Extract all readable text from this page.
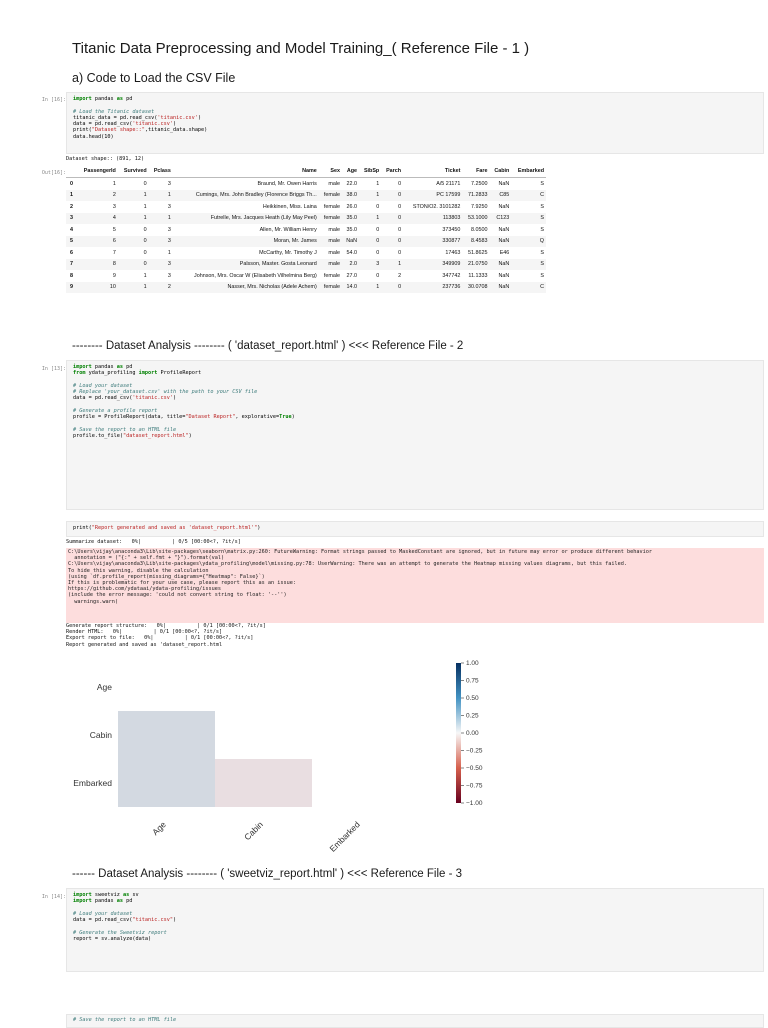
Titanic Data Preprocessing and Model Training_( Reference File - 1 )
a) Code to Load the CSV File
In [16]: import pandas as pd
# Load the Titanic dataset
titanic_data = pd.read_csv('titanic.csv')
data = pd.read_csv('titanic.csv')
print("Dataset shape::",titanic_data.shape)
data.head(10)
Dataset shape:: (891, 12)
Out[16]:
		PassengerId	Survived	Pclass	Name	Sex	Age	SibSp	Parch	Ticket	Fare	Cabin	Embarked
0	1	0	3	Braund, Mr. Owen Harris	male	22.0	1	0	A/5 21171	7.2500	NaN	S
1	2	1	1	Cumings, Mrs. John Bradley (Florence Briggs Th...	female	38.0	1	0	PC 17599	71.2833	C85	C
2	3	1	3	Heikkinen, Miss. Laina	female	26.0	0	0	STON/O2. 3101282	7.9250	NaN	S
3	4	1	1	Futrelle, Mrs. Jacques Heath (Lily May Peel)	female	35.0	1	0	113803	53.1000	C123	S
4	5	0	3	Allen, Mr. William Henry	male	35.0	0	0	373450	8.0500	NaN	S
5	6	0	3	Moran, Mr. James	male	NaN	0	0	330877	8.4583	NaN	Q
6	7	0	1	McCarthy, Mr. Timothy J	male	54.0	0	0	17463	51.8625	E46	S
7	8	0	3	Palsson, Master. Gosta Leonard	male	2.0	3	1	349909	21.0750	NaN	S
8	9	1	3	Johnson, Mrs. Oscar W (Elisabeth Vilhelmina Berg)	female	27.0	0	2	347742	11.1333	NaN	S
9	10	1	2	Nasser, Mrs. Nicholas (Adele Achem)	female	14.0	1	0	237736	30.0708	NaN	C
-------- Dataset Analysis -------- ( 'dataset_report.html' ) <<< Reference File - 2
In [13]: import pandas as pd
from ydata_profiling import ProfileReport
# Load your dataset
# Replace 'your_dataset.csv' with the path to your CSV file
data = pd.read_csv('titanic.csv')
# Generate a profile report
profile = ProfileReport(data, title="Dataset Report", explorative=True)
# Save the report to an HTML file
profile.to_file("dataset_report.html")
print("Report generated and saved as 'dataset_report.html'")
Summarize dataset:   0%|          | 0/5 [00:00<?, ?it/s]
C:\Users\vijay\anaconda3\Lib\site-packages\seaborn\matrix.py:260: FutureWarning: Format strings passed to MaskedConstant are ignored, but in future may error or produce different behavior
annotation = ("{:" + self.fmt + "}").format(val)
C:\Users\vijay\anaconda3\Lib\site-packages\ydata_profiling\model\missing.py:78: UserWarning: There was an attempt to generate the Heatmap missing values diagrams, but this failed.
To hide this warning, disable the calculation
(using `df.profile_report(missing_diagrams={"Heatmap": False}`)
If this is problematic for your use case, please report this as an issue:
https://github.com/ydataai/ydata-profiling/issues
(include the error message: 'could not convert string to float: '--'')
warnings.warn(
Generate report structure:   0%|          | 0/1 [00:00<?, ?it/s]
Render HTML:   0%|          | 0/1 [00:00<?, ?it/s]
Export report to file:   0%|          | 0/1 [00:00<?, ?it/s]
Report generated and saved as 'dataset_report.html
Age
Cabin
Embarked
Age	Cabin	Embarked
1.00
0.75
0.50
0.25
0.00
−0.25
−0.50
−0.75
−1.00
------ Dataset Analysis -------- ( 'sweetviz_report.html' ) <<< Reference File - 3
In [14]: import sweetviz as sv
import pandas as pd
# Load your dataset
data = pd.read_csv("titanic.csv")
# Generate the Sweetviz report
report = sv.analyze(data)
# Save the report to an HTML file
